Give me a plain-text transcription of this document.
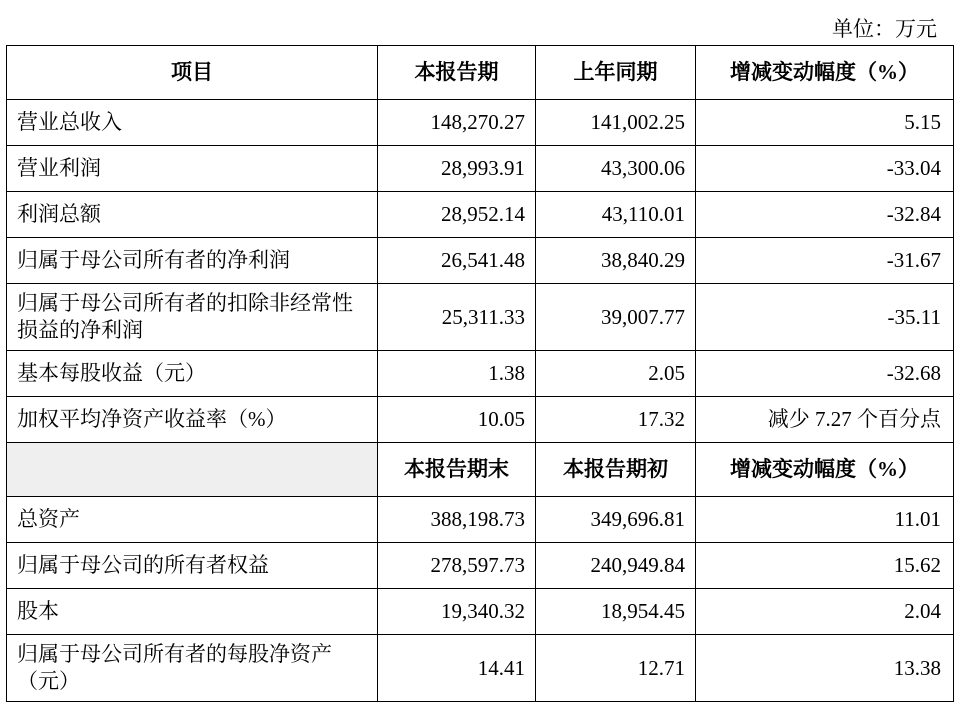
单位：万元
项目	本报告期	上年同期	增减变动幅度（%）
营业总收入	148,270.27	141,002.25	5.15
营业利润	28,993.91	43,300.06	-33.04
利润总额	28,952.14	43,110.01	-32.84
归属于母公司所有者的净利润	26,541.48	38,840.29	-31.67
归属于母公司所有者的扣除非经常性损益的净利润	25,311.33	39,007.77	-35.11
基本每股收益（元）	1.38	2.05	-32.68
加权平均净资产收益率（%）	10.05	17.32	减少 7.27 个百分点
	本报告期末	本报告期初	增减变动幅度（%）
总资产	388,198.73	349,696.81	11.01
归属于母公司的所有者权益	278,597.73	240,949.84	15.62
股本	19,340.32	18,954.45	2.04
归属于母公司所有者的每股净资产（元）	14.41	12.71	13.38
